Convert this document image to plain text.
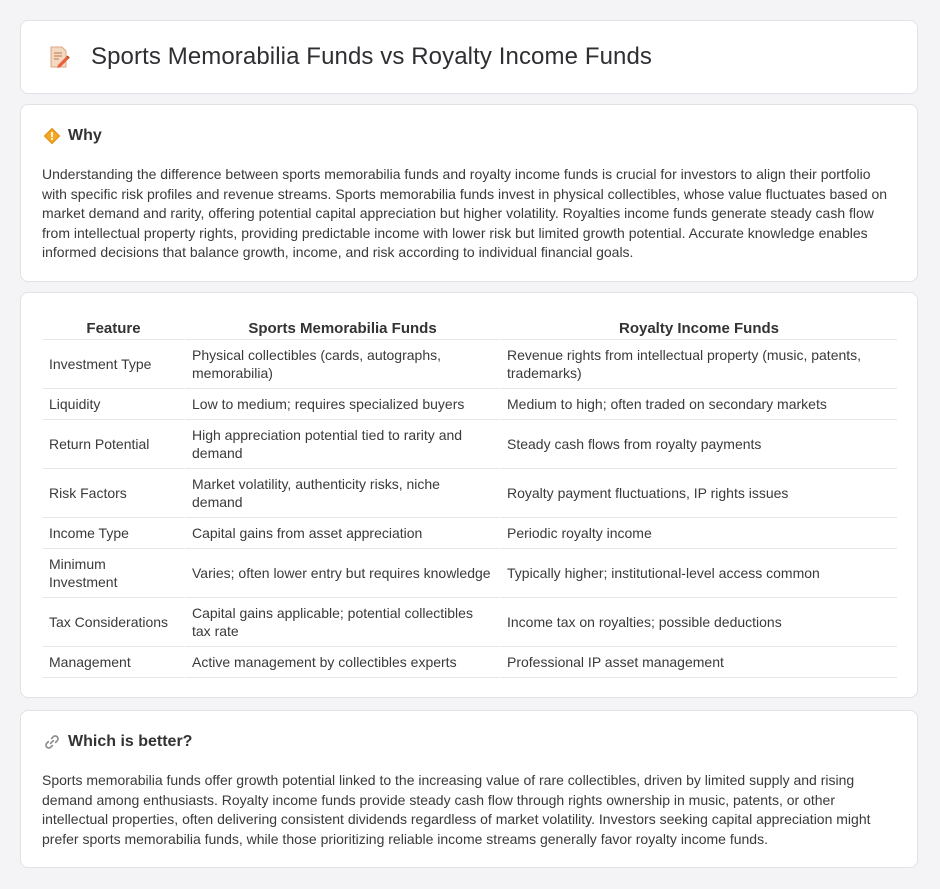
Sports Memorabilia Funds vs Royalty Income Funds
Why

Understanding the difference between sports memorabilia funds and royalty income funds is crucial for investors to align their portfolio with specific risk profiles and revenue streams. Sports memorabilia funds invest in physical collectibles, whose value fluctuates based on market demand and rarity, offering potential capital appreciation but higher volatility. Royalties income funds generate steady cash flow from intellectual property rights, providing predictable income with lower risk but limited growth potential. Accurate knowledge enables informed decisions that balance growth, income, and risk according to individual financial goals.

Feature	Sports Memorabilia Funds	Royalty Income Funds
Investment Type	Physical collectibles (cards, autographs, memorabilia)	Revenue rights from intellectual property (music, patents, trademarks)
Liquidity	Low to medium; requires specialized buyers	Medium to high; often traded on secondary markets
Return Potential	High appreciation potential tied to rarity and demand	Steady cash flows from royalty payments
Risk Factors	Market volatility, authenticity risks, niche demand	Royalty payment fluctuations, IP rights issues
Income Type	Capital gains from asset appreciation	Periodic royalty income
Minimum Investment	Varies; often lower entry but requires knowledge	Typically higher; institutional-level access common
Tax Considerations	Capital gains applicable; potential collectibles tax rate	Income tax on royalties; possible deductions
Management	Active management by collectibles experts	Professional IP asset management
Which is better?

Sports memorabilia funds offer growth potential linked to the increasing value of rare collectibles, driven by limited supply and rising demand among enthusiasts. Royalty income funds provide steady cash flow through rights ownership in music, patents, or other intellectual properties, often delivering consistent dividends regardless of market volatility. Investors seeking capital appreciation might prefer sports memorabilia funds, while those prioritizing reliable income streams generally favor royalty income funds.
